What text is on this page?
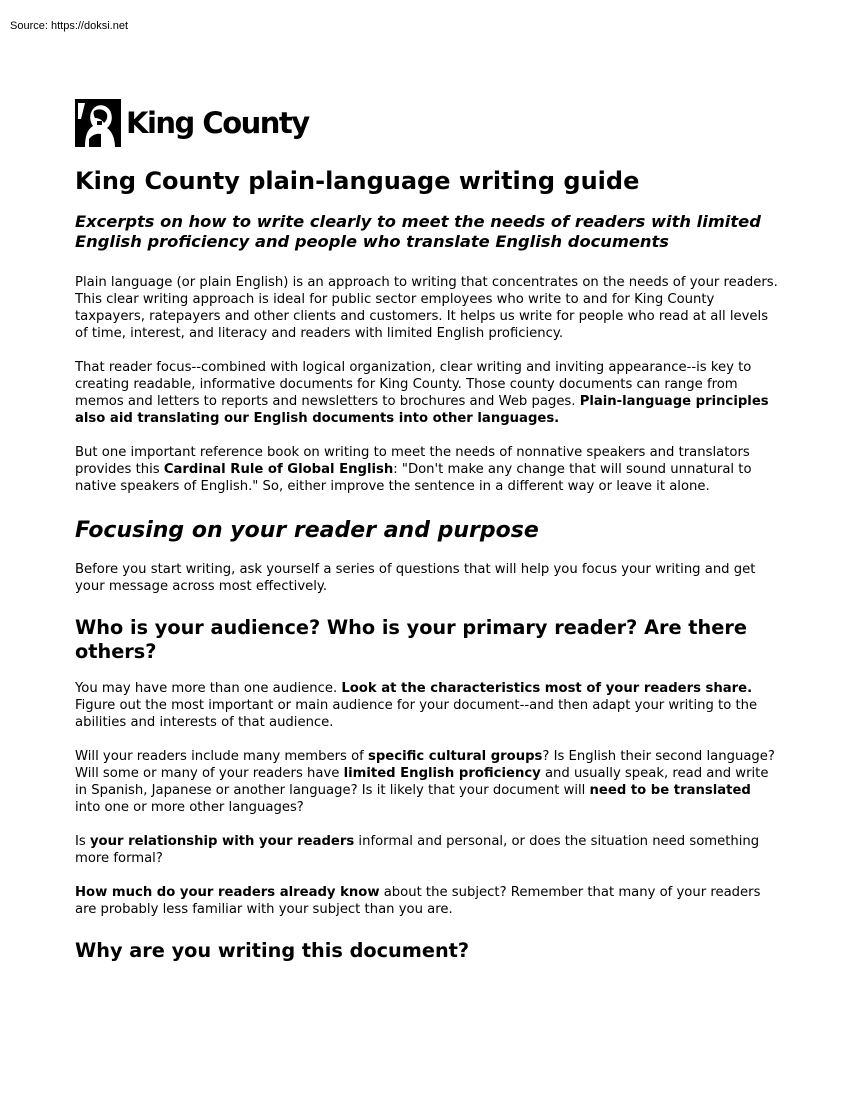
Source: https://doksi.net
King County
King County plain-language writing guide
Excerpts on how to write clearly to meet the needs of readers with limited English proficiency and people who translate English documents

Plain language (or plain English) is an approach to writing that concentrates on the needs of your readers. This clear writing approach is ideal for public sector employees who write to and for King County taxpayers, ratepayers and other clients and customers. It helps us write for people who read at all levels of time, interest, and literacy and readers with limited English proficiency.

That reader focus--combined with logical organization, clear writing and inviting appearance--is key to creating readable, informative documents for King County. Those county documents can range from memos and letters to reports and newsletters to brochures and Web pages. Plain-language principles also aid translating our English documents into other languages.

But one important reference book on writing to meet the needs of nonnative speakers and translators provides this Cardinal Rule of Global English: "Don't make any change that will sound unnatural to native speakers of English." So, either improve the sentence in a different way or leave it alone.

Focusing on your reader and purpose

Before you start writing, ask yourself a series of questions that will help you focus your writing and get your message across most effectively.

Who is your audience? Who is your primary reader? Are there others?

You may have more than one audience. Look at the characteristics most of your readers share. Figure out the most important or main audience for your document--and then adapt your writing to the abilities and interests of that audience.

Will your readers include many members of specific cultural groups? Is English their second language? Will some or many of your readers have limited English proficiency and usually speak, read and write in Spanish, Japanese or another language? Is it likely that your document will need to be translated into one or more other languages?

Is your relationship with your readers informal and personal, or does the situation need something more formal?

How much do your readers already know about the subject? Remember that many of your readers are probably less familiar with your subject than you are.

Why are you writing this document?
